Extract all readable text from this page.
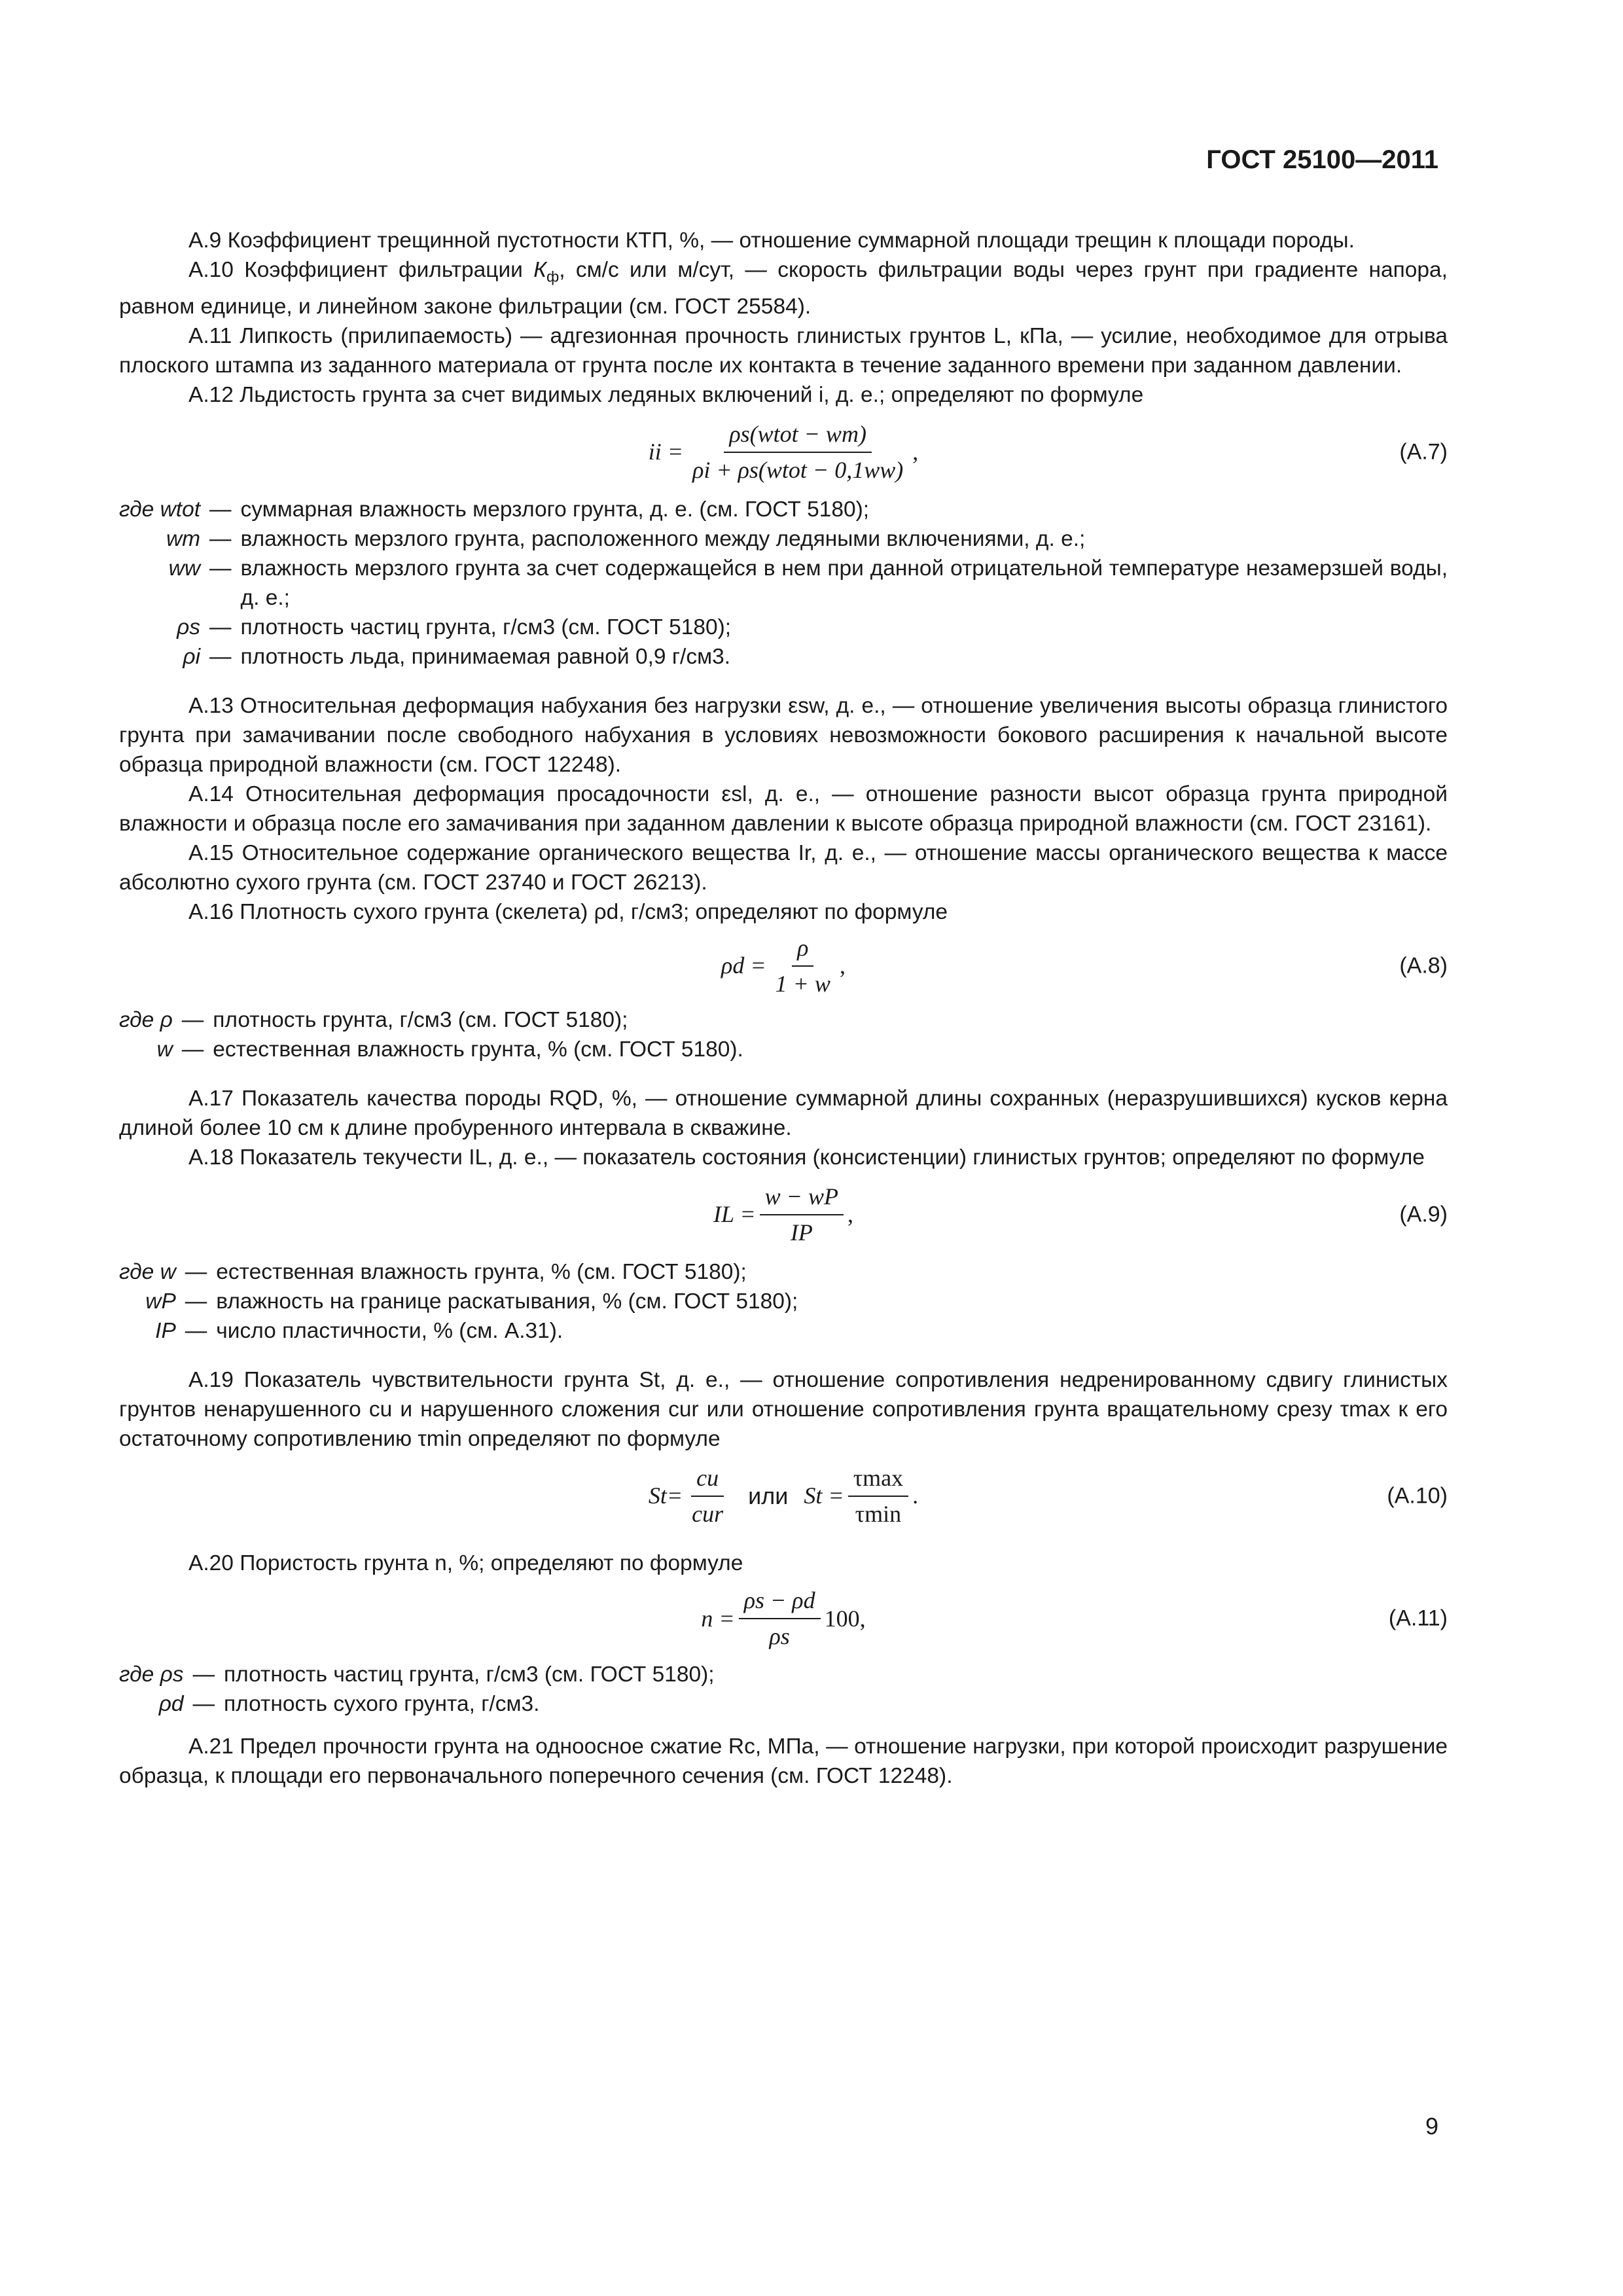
ГОСТ 25100—2011

А.9 Коэффициент трещинной пустотности КТП, %, — отношение суммарной площади трещин к площади породы.

А.10 Коэффициент фильтрации $К_ф$, см/с или м/сут, — скорость фильтрации воды через грунт при градиенте напора, равном единице, и линейном законе фильтрации (см. ГОСТ 25584).

А.11 Липкость (прилипаемость) — адгезионная прочность глинистых грунтов L, кПа, — усилие, необходимое для отрыва плоского штампа из заданного материала от грунта после их контакта в течение заданного времени при заданном давлении.

А.12 Льдистость грунта за счет видимых ледяных включений i, д. е.; определяют по формуле

ii = $\frac{\text{ρs(wtot − wm)}}{\text{ρi + ρs(wtot − 0,1ww)}}$ ,	(А.7)
где wtot — суммарная влажность мерзлого грунта, д. е. (см. ГОСТ 5180);
wm — влажность мерзлого грунта, расположенного между ледяными включениями, д. е.;
ww — влажность мерзлого грунта за счет содержащейся в нем при данной отрицательной температуре незамерзшей воды, д. е.;
ρs — плотность частиц грунта, г/см3 (см. ГОСТ 5180);
ρi — плотность льда, принимаемая равной 0,9 г/см3.

А.13 Относительная деформация набухания без нагрузки εsw, д. е., — отношение увеличения высоты образца глинистого грунта при замачивании после свободного набухания в условиях невозможности бокового расширения к начальной высоте образца природной влажности (см. ГОСТ 12248).

А.14 Относительная деформация просадочности εsl, д. е., — отношение разности высот образца грунта природной влажности и образца после его замачивания при заданном давлении к высоте образца природной влажности (см. ГОСТ 23161).

А.15 Относительное содержание органического вещества Ir, д. е., — отношение массы органического вещества к массе абсолютно сухого грунта (см. ГОСТ 23740 и ГОСТ 26213).

А.16 Плотность сухого грунта (скелета) ρd, г/см3; определяют по формуле

$\rho d = \frac{\rho}{1 + w}$ ,	(А.8)
где ρ — плотность грунта, г/см3 (см. ГОСТ 5180);
w — естественная влажность грунта, % (см. ГОСТ 5180).

А.17 Показатель качества породы RQD, %, — отношение суммарной длины сохранных (неразрушившихся) кусков керна длиной более 10 см к длине пробуренного интервала в скважине.

А.18 Показатель текучести IL, д. е., — показатель состояния (консистенции) глинистых грунтов; определяют по формуле

IL = $\frac{w - wP}{IP}$ ,	(А.9)
где w — естественная влажность грунта, % (см. ГОСТ 5180);
wP — влажность на границе раскатывания, % (см. ГОСТ 5180);
IP — число пластичности, % (см. А.31).

А.19 Показатель чувствительности грунта St, д. е., — отношение сопротивления недренированному сдвигу глинистых грунтов ненарушенного cu и нарушенного сложения cur или отношение сопротивления грунта вращательному срезу τmax к его остаточному сопротивлению τmin определяют по формуле

$St= \frac{cu}{\text{cur}}$ или $St = \frac{\tau\max}{\tau\min}$ .	(А.10)

А.20 Пористость грунта n, %; определяют по формуле

$n = \frac{\rho s - \rho d}{\rho s} 100$,	(А.11)
где ρs — плотность частиц грунта, г/см3 (см. ГОСТ 5180);
ρd — плотность сухого грунта, г/см3.

А.21 Предел прочности грунта на одноосное сжатие Rc, МПа, — отношение нагрузки, при которой происходит разрушение образца, к площади его первоначального поперечного сечения (см. ГОСТ 12248).

9
